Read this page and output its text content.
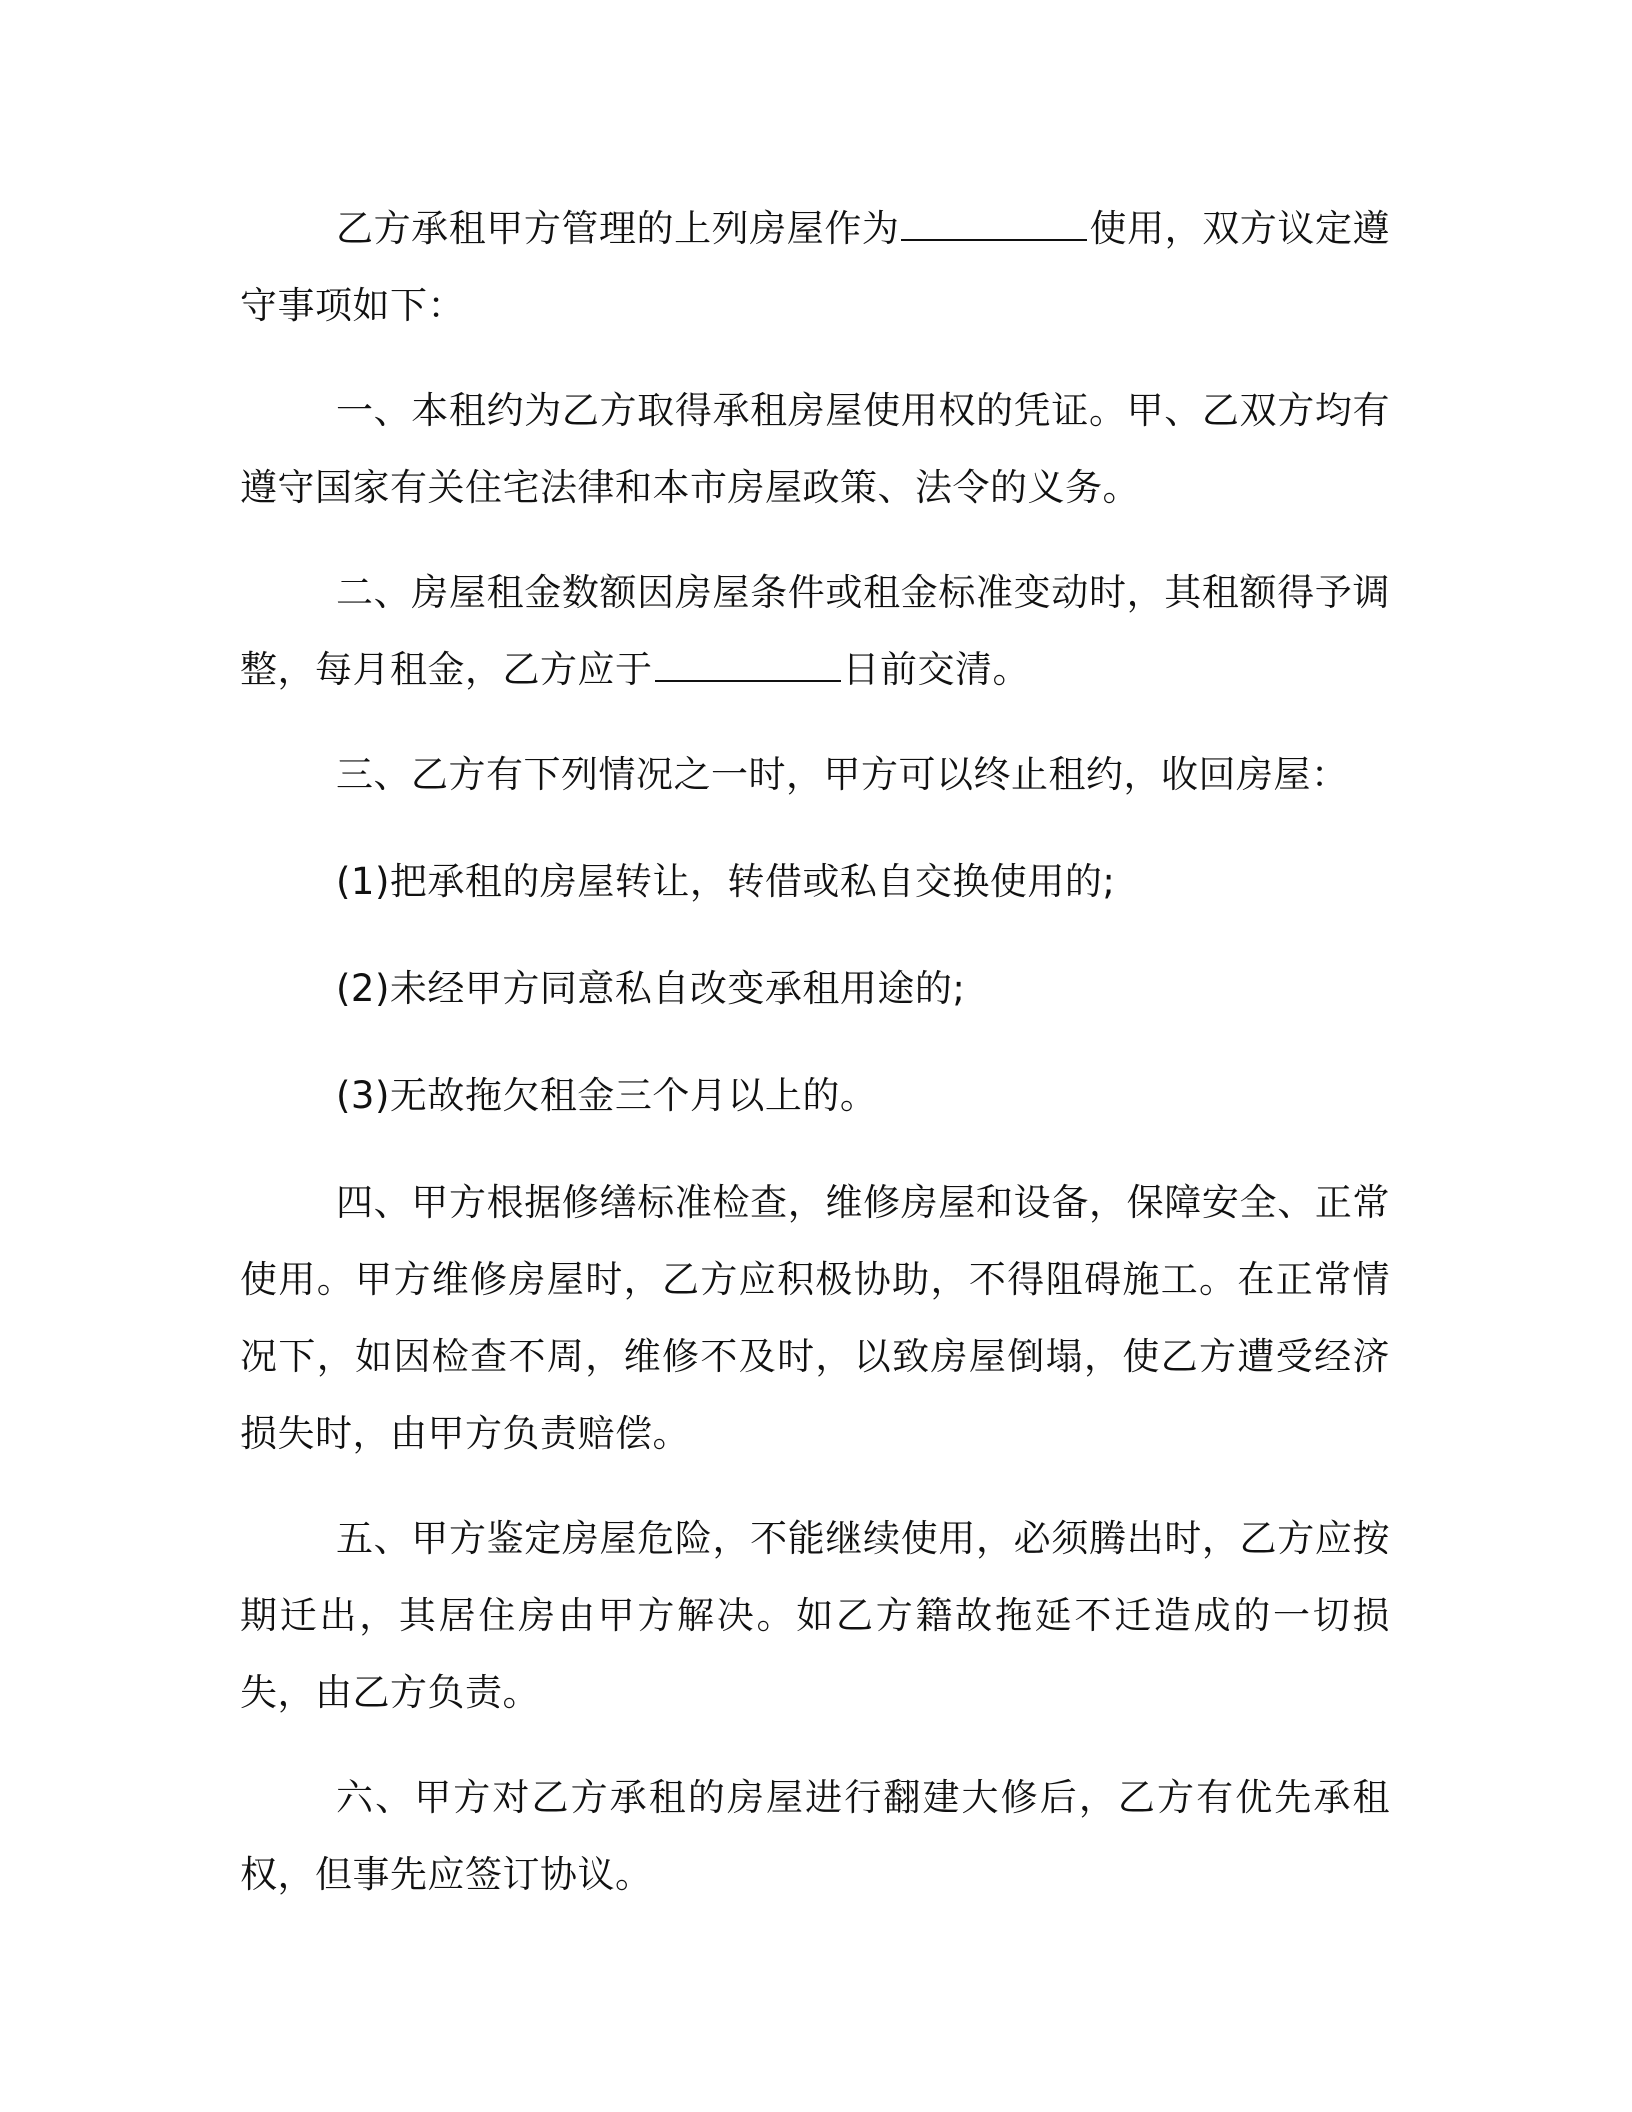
乙方承租甲方管理的上列房屋作为	使用，双方议定遵守事项如下：

一、本租约为乙方取得承租房屋使用权的凭证。甲、乙双方均有遵守国家有关住宅法律和本市房屋政策、法令的义务。

二、房屋租金数额因房屋条件或租金标准变动时，其租额得予调整，每月租金，乙方应于	日前交清。

三、乙方有下列情况之一时，甲方可以终止租约，收回房屋：

(1)把承租的房屋转让，转借或私自交换使用的;

(2)未经甲方同意私自改变承租用途的;

(3)无故拖欠租金三个月以上的。

四、甲方根据修缮标准检查，维修房屋和设备，保障安全、正常使用。甲方维修房屋时，乙方应积极协助，不得阻碍施工。在正常情况下，如因检查不周，维修不及时，以致房屋倒塌，使乙方遭受经济损失时，由甲方负责赔偿。

五、甲方鉴定房屋危险，不能继续使用，必须腾出时，乙方应按期迁出，其居住房由甲方解决。如乙方籍故拖延不迁造成的一切损失，由乙方负责。

六、甲方对乙方承租的房屋进行翻建大修后，乙方有优先承租权，但事先应签订协议。
